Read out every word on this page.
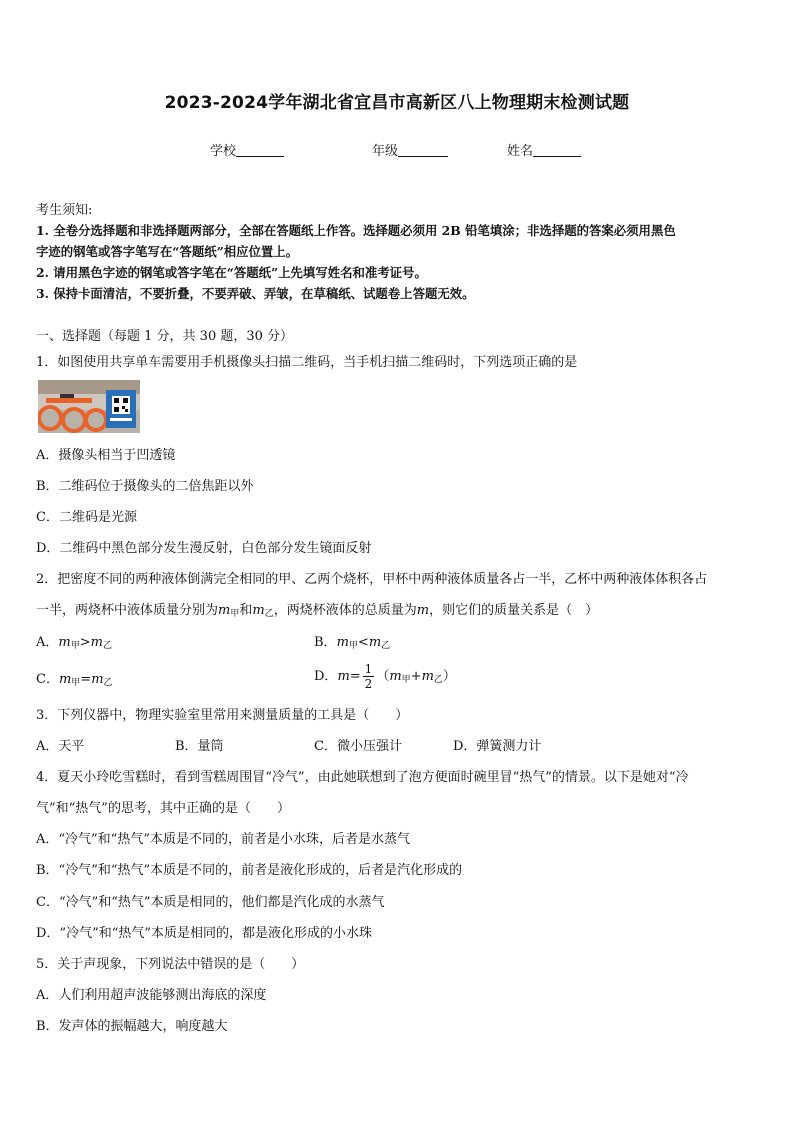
2023-2024学年湖北省宜昌市高新区八上物理期末检测试题
学校	年级	姓名
考生须知:
1. 全卷分选择题和非选择题两部分，全部在答题纸上作答。选择题必须用 2B 铅笔填涂；非选择题的答案必须用黑色
字迹的钢笔或答字笔写在“答题纸”相应位置上。
2. 请用黑色字迹的钢笔或答字笔在“答题纸”上先填写姓名和准考证号。
3. 保持卡面清洁，不要折叠，不要弄破、弄皱，在草稿纸、试题卷上答题无效。
一、选择题（每题 1 分，共 30 题，30 分）
1．如图使用共享单车需要用手机摄像头扫描二维码，当手机扫描二维码时，下列选项正确的是
A．摄像头相当于凹透镜
B．二维码位于摄像头的二倍焦距以外
C．二维码是光源
D．二维码中黑色部分发生漫反射，白色部分发生镜面反射
2．把密度不同的两种液体倒满完全相同的甲、乙两个烧杯，甲杯中两种液体质量各占一半，乙杯中两种液体体积各占
一半，两烧杯中液体质量分别为$m_甲$和$m_乙$，两烧杯液体的总质量为m，则它们的质量关系是（　）
A．$m_甲>m_乙$	B．$m_甲<m_乙$
C．$m_甲=m_乙$	D．$m= \frac{1}{2} (m_甲+m_乙)$
3．下列仪器中，物理实验室里常用来测量质量的工具是（　　）
A．天平	B．量筒	C．微小压强计	D．弹簧测力计
4．夏天小玲吃雪糕时，看到雪糕周围冒“冷气”，由此她联想到了泡方便面时碗里冒“热气”的情景。以下是她对“冷
气”和“热气”的思考，其中正确的是（　　）
A．“冷气”和“热气”本质是不同的，前者是小水珠，后者是水蒸气
B．“冷气”和“热气”本质是不同的，前者是液化形成的，后者是汽化形成的
C．“冷气”和“热气”本质是相同的，他们都是汽化成的水蒸气
D．“冷气”和“热气”本质是相同的，都是液化形成的小水珠
5．关于声现象，下列说法中错误的是（　　）
A．人们利用超声波能够测出海底的深度
B．发声体的振幅越大，响度越大
